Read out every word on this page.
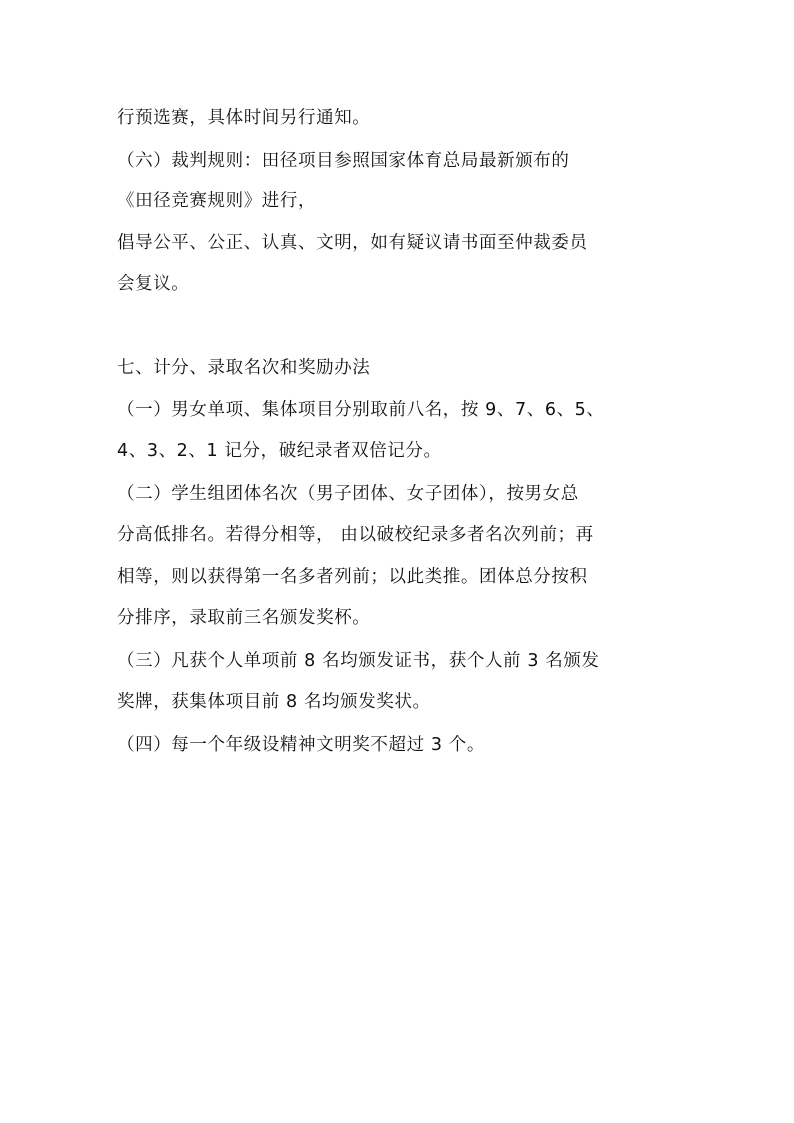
行预选赛，具体时间另行通知。
（六）裁判规则：田径项目参照国家体育总局最新颁布的
《田径竞赛规则》进行，
倡导公平、公正、认真、文明，如有疑议请书面至仲裁委员
会复议。
七、计分、录取名次和奖励办法
（一）男女单项、集体项目分别取前八名，按 9、7、6、5、
4、3、2、1 记分，破纪录者双倍记分。
（二）学生组团体名次（男子团体、女子团体），按男女总
分高低排名。若得分相等， 由以破校纪录多者名次列前；再
相等，则以获得第一名多者列前；以此类推。团体总分按积
分排序，录取前三名颁发奖杯。
（三）凡获个人单项前 8 名均颁发证书，获个人前 3 名颁发
奖牌，获集体项目前 8 名均颁发奖状。
（四）每一个年级设精神文明奖不超过 3 个。
